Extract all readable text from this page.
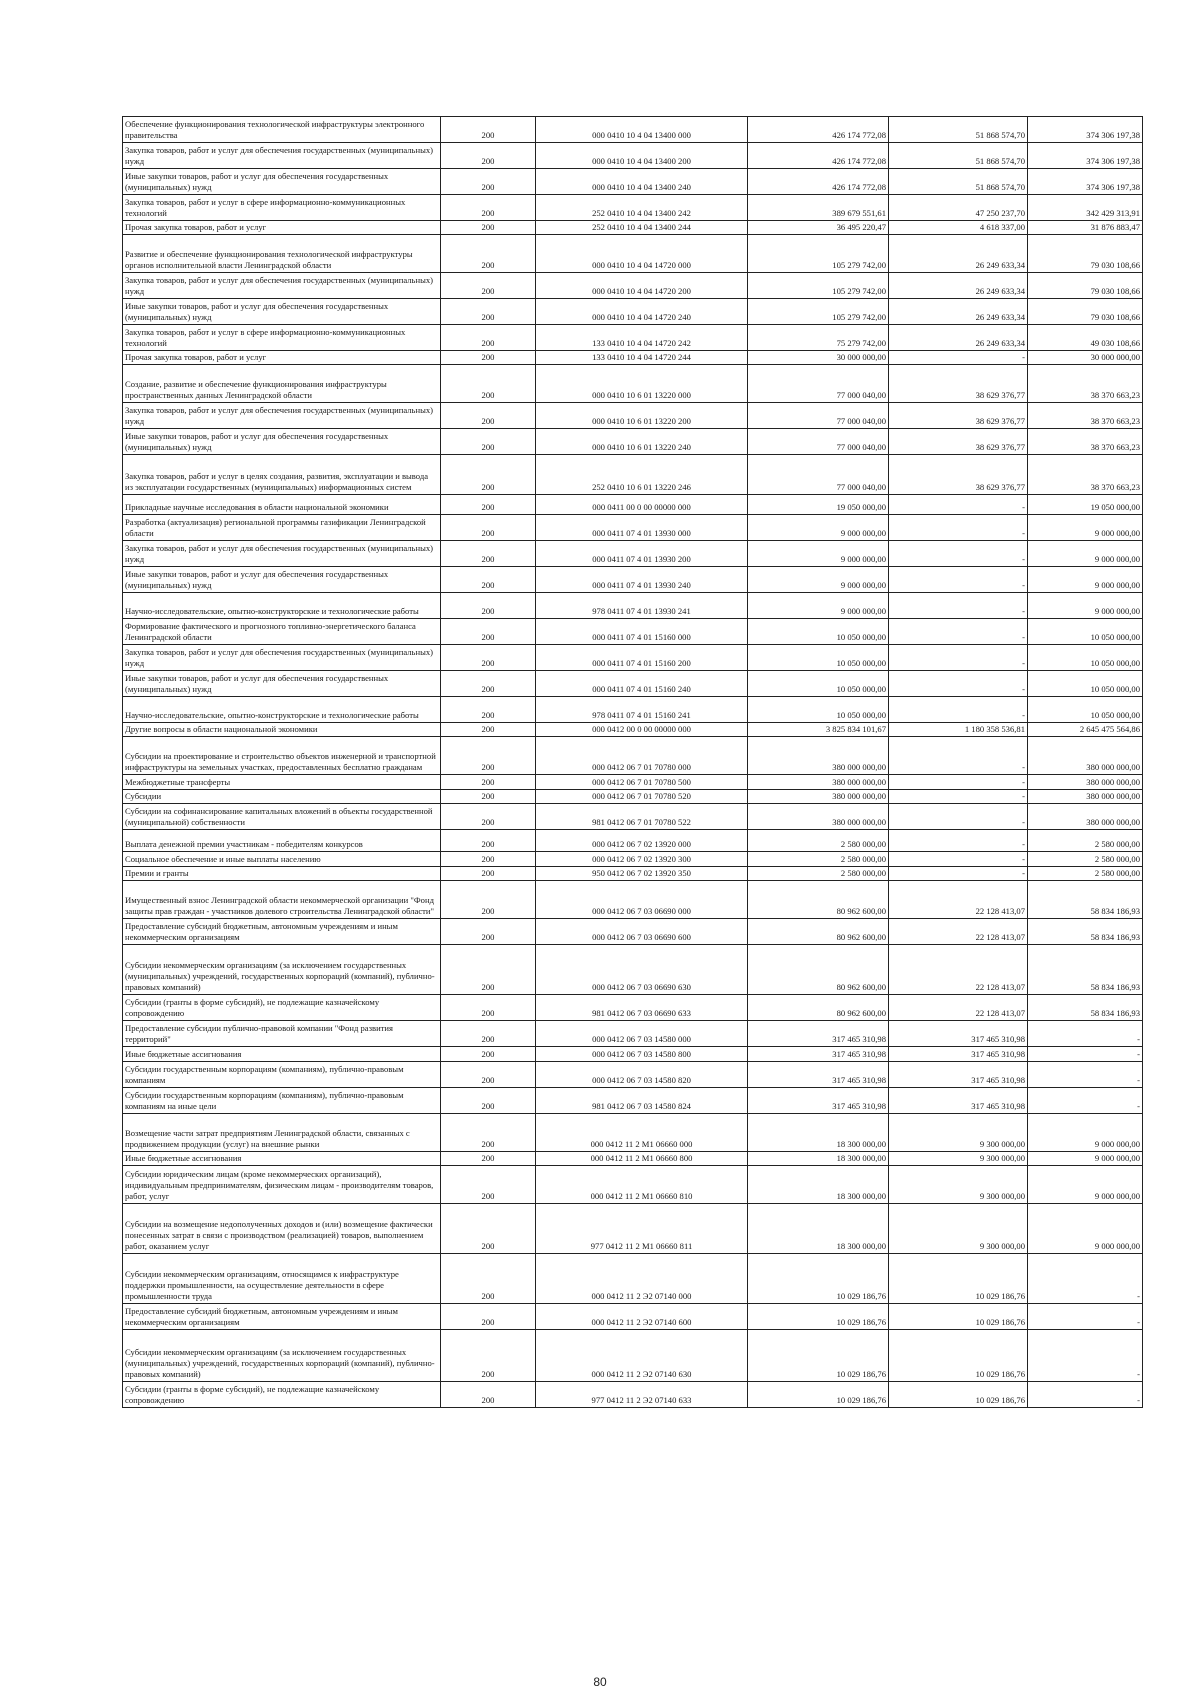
Обеспечение функционирования технологической инфраструктуры электронного правительства	200	000 0410 10 4 04 13400 000	426 174 772,08	51 868 574,70	374 306 197,38
Закупка товаров, работ и услуг для обеспечения государственных (муниципальных) нужд	200	000 0410 10 4 04 13400 200	426 174 772,08	51 868 574,70	374 306 197,38
Иные закупки товаров, работ и услуг для обеспечения государственных (муниципальных) нужд	200	000 0410 10 4 04 13400 240	426 174 772,08	51 868 574,70	374 306 197,38
Закупка товаров, работ и услуг в сфере информационно-коммуникационных технологий	200	252 0410 10 4 04 13400 242	389 679 551,61	47 250 237,70	342 429 313,91
Прочая закупка товаров, работ и услуг	200	252 0410 10 4 04 13400 244	36 495 220,47	4 618 337,00	31 876 883,47
Развитие и обеспечение функционирования технологической инфраструктуры органов исполнительной власти Ленинградской области	200	000 0410 10 4 04 14720 000	105 279 742,00	26 249 633,34	79 030 108,66
Закупка товаров, работ и услуг для обеспечения государственных (муниципальных) нужд	200	000 0410 10 4 04 14720 200	105 279 742,00	26 249 633,34	79 030 108,66
Иные закупки товаров, работ и услуг для обеспечения государственных (муниципальных) нужд	200	000 0410 10 4 04 14720 240	105 279 742,00	26 249 633,34	79 030 108,66
Закупка товаров, работ и услуг в сфере информационно-коммуникационных технологий	200	133 0410 10 4 04 14720 242	75 279 742,00	26 249 633,34	49 030 108,66
Прочая закупка товаров, работ и услуг	200	133 0410 10 4 04 14720 244	30 000 000,00	-	30 000 000,00
Создание, развитие и обеспечение функционирования инфраструктуры пространственных данных Ленинградской области	200	000 0410 10 6 01 13220 000	77 000 040,00	38 629 376,77	38 370 663,23
Закупка товаров, работ и услуг для обеспечения государственных (муниципальных) нужд	200	000 0410 10 6 01 13220 200	77 000 040,00	38 629 376,77	38 370 663,23
Иные закупки товаров, работ и услуг для обеспечения государственных (муниципальных) нужд	200	000 0410 10 6 01 13220 240	77 000 040,00	38 629 376,77	38 370 663,23
Закупка товаров, работ и услуг в целях создания, развития, эксплуатации и вывода из эксплуатации государственных (муниципальных) информационных систем	200	252 0410 10 6 01 13220 246	77 000 040,00	38 629 376,77	38 370 663,23
Прикладные научные исследования в области национальной экономики	200	000 0411 00 0 00 00000 000	19 050 000,00	-	19 050 000,00
Разработка (актуализация) региональной программы газификации Ленинградской области	200	000 0411 07 4 01 13930 000	9 000 000,00	-	9 000 000,00
Закупка товаров, работ и услуг для обеспечения государственных (муниципальных) нужд	200	000 0411 07 4 01 13930 200	9 000 000,00	-	9 000 000,00
Иные закупки товаров, работ и услуг для обеспечения государственных (муниципальных) нужд	200	000 0411 07 4 01 13930 240	9 000 000,00	-	9 000 000,00
Научно-исследовательские, опытно-конструкторские и технологические работы	200	978 0411 07 4 01 13930 241	9 000 000,00	-	9 000 000,00
Формирование фактического и прогнозного топливно-энергетического баланса Ленинградской области	200	000 0411 07 4 01 15160 000	10 050 000,00	-	10 050 000,00
Закупка товаров, работ и услуг для обеспечения государственных (муниципальных) нужд	200	000 0411 07 4 01 15160 200	10 050 000,00	-	10 050 000,00
Иные закупки товаров, работ и услуг для обеспечения государственных (муниципальных) нужд	200	000 0411 07 4 01 15160 240	10 050 000,00	-	10 050 000,00
Научно-исследовательские, опытно-конструкторские и технологические работы	200	978 0411 07 4 01 15160 241	10 050 000,00	-	10 050 000,00
Другие вопросы в области национальной экономики	200	000 0412 00 0 00 00000 000	3 825 834 101,67	1 180 358 536,81	2 645 475 564,86
Субсидии на проектирование и строительство объектов инженерной и транспортной инфраструктуры на земельных участках, предоставленных бесплатно гражданам	200	000 0412 06 7 01 70780 000	380 000 000,00	-	380 000 000,00
Межбюджетные трансферты	200	000 0412 06 7 01 70780 500	380 000 000,00	-	380 000 000,00
Субсидии	200	000 0412 06 7 01 70780 520	380 000 000,00	-	380 000 000,00
Субсидии на софинансирование капитальных вложений в объекты государственной (муниципальной) собственности	200	981 0412 06 7 01 70780 522	380 000 000,00	-	380 000 000,00
Выплата денежной премии участникам - победителям конкурсов	200	000 0412 06 7 02 13920 000	2 580 000,00	-	2 580 000,00
Социальное обеспечение и иные выплаты населению	200	000 0412 06 7 02 13920 300	2 580 000,00	-	2 580 000,00
Премии и гранты	200	950 0412 06 7 02 13920 350	2 580 000,00	-	2 580 000,00
Имущественный взнос Ленинградской области некоммерческой организации "Фонд защиты прав граждан - участников долевого строительства Ленинградской области"	200	000 0412 06 7 03 06690 000	80 962 600,00	22 128 413,07	58 834 186,93
Предоставление субсидий бюджетным, автономным учреждениям и иным некоммерческим организациям	200	000 0412 06 7 03 06690 600	80 962 600,00	22 128 413,07	58 834 186,93
Субсидии некоммерческим организациям (за исключением государственных (муниципальных) учреждений, государственных корпораций (компаний), публично-правовых компаний)	200	000 0412 06 7 03 06690 630	80 962 600,00	22 128 413,07	58 834 186,93
Субсидии (гранты в форме субсидий), не подлежащие казначейскому сопровождению	200	981 0412 06 7 03 06690 633	80 962 600,00	22 128 413,07	58 834 186,93
Предоставление субсидии публично-правовой компании "Фонд развития территорий"	200	000 0412 06 7 03 14580 000	317 465 310,98	317 465 310,98	-
Иные бюджетные ассигнования	200	000 0412 06 7 03 14580 800	317 465 310,98	317 465 310,98	-
Субсидии государственным корпорациям (компаниям), публично-правовым компаниям	200	000 0412 06 7 03 14580 820	317 465 310,98	317 465 310,98	-
Субсидии государственным корпорациям (компаниям), публично-правовым компаниям на иные цели	200	981 0412 06 7 03 14580 824	317 465 310,98	317 465 310,98	-
Возмещение части затрат предприятиям Ленинградской области, связанных с продвижением продукции (услуг) на внешние рынки	200	000 0412 11 2 M1 06660 000	18 300 000,00	9 300 000,00	9 000 000,00
Иные бюджетные ассигнования	200	000 0412 11 2 M1 06660 800	18 300 000,00	9 300 000,00	9 000 000,00
Субсидии юридическим лицам (кроме некоммерческих организаций), индивидуальным предпринимателям, физическим лицам - производителям товаров, работ, услуг	200	000 0412 11 2 M1 06660 810	18 300 000,00	9 300 000,00	9 000 000,00
Субсидии на возмещение недополученных доходов и (или) возмещение фактически понесенных затрат в связи с производством (реализацией) товаров, выполнением работ, оказанием услуг	200	977 0412 11 2 M1 06660 811	18 300 000,00	9 300 000,00	9 000 000,00
Субсидии некоммерческим организациям, относящимся к инфраструктуре поддержки промышленности, на осуществление деятельности в сфере промышленности труда	200	000 0412 11 2 Э2 07140 000	10 029 186,76	10 029 186,76	-
Предоставление субсидий бюджетным, автономным учреждениям и иным некоммерческим организациям	200	000 0412 11 2 Э2 07140 600	10 029 186,76	10 029 186,76	-
Субсидии некоммерческим организациям (за исключением государственных (муниципальных) учреждений, государственных корпораций (компаний), публично-правовых компаний)	200	000 0412 11 2 Э2 07140 630	10 029 186,76	10 029 186,76	-
Субсидии (гранты в форме субсидий), не подлежащие казначейскому сопровождению	200	977 0412 11 2 Э2 07140 633	10 029 186,76	10 029 186,76	-
80
